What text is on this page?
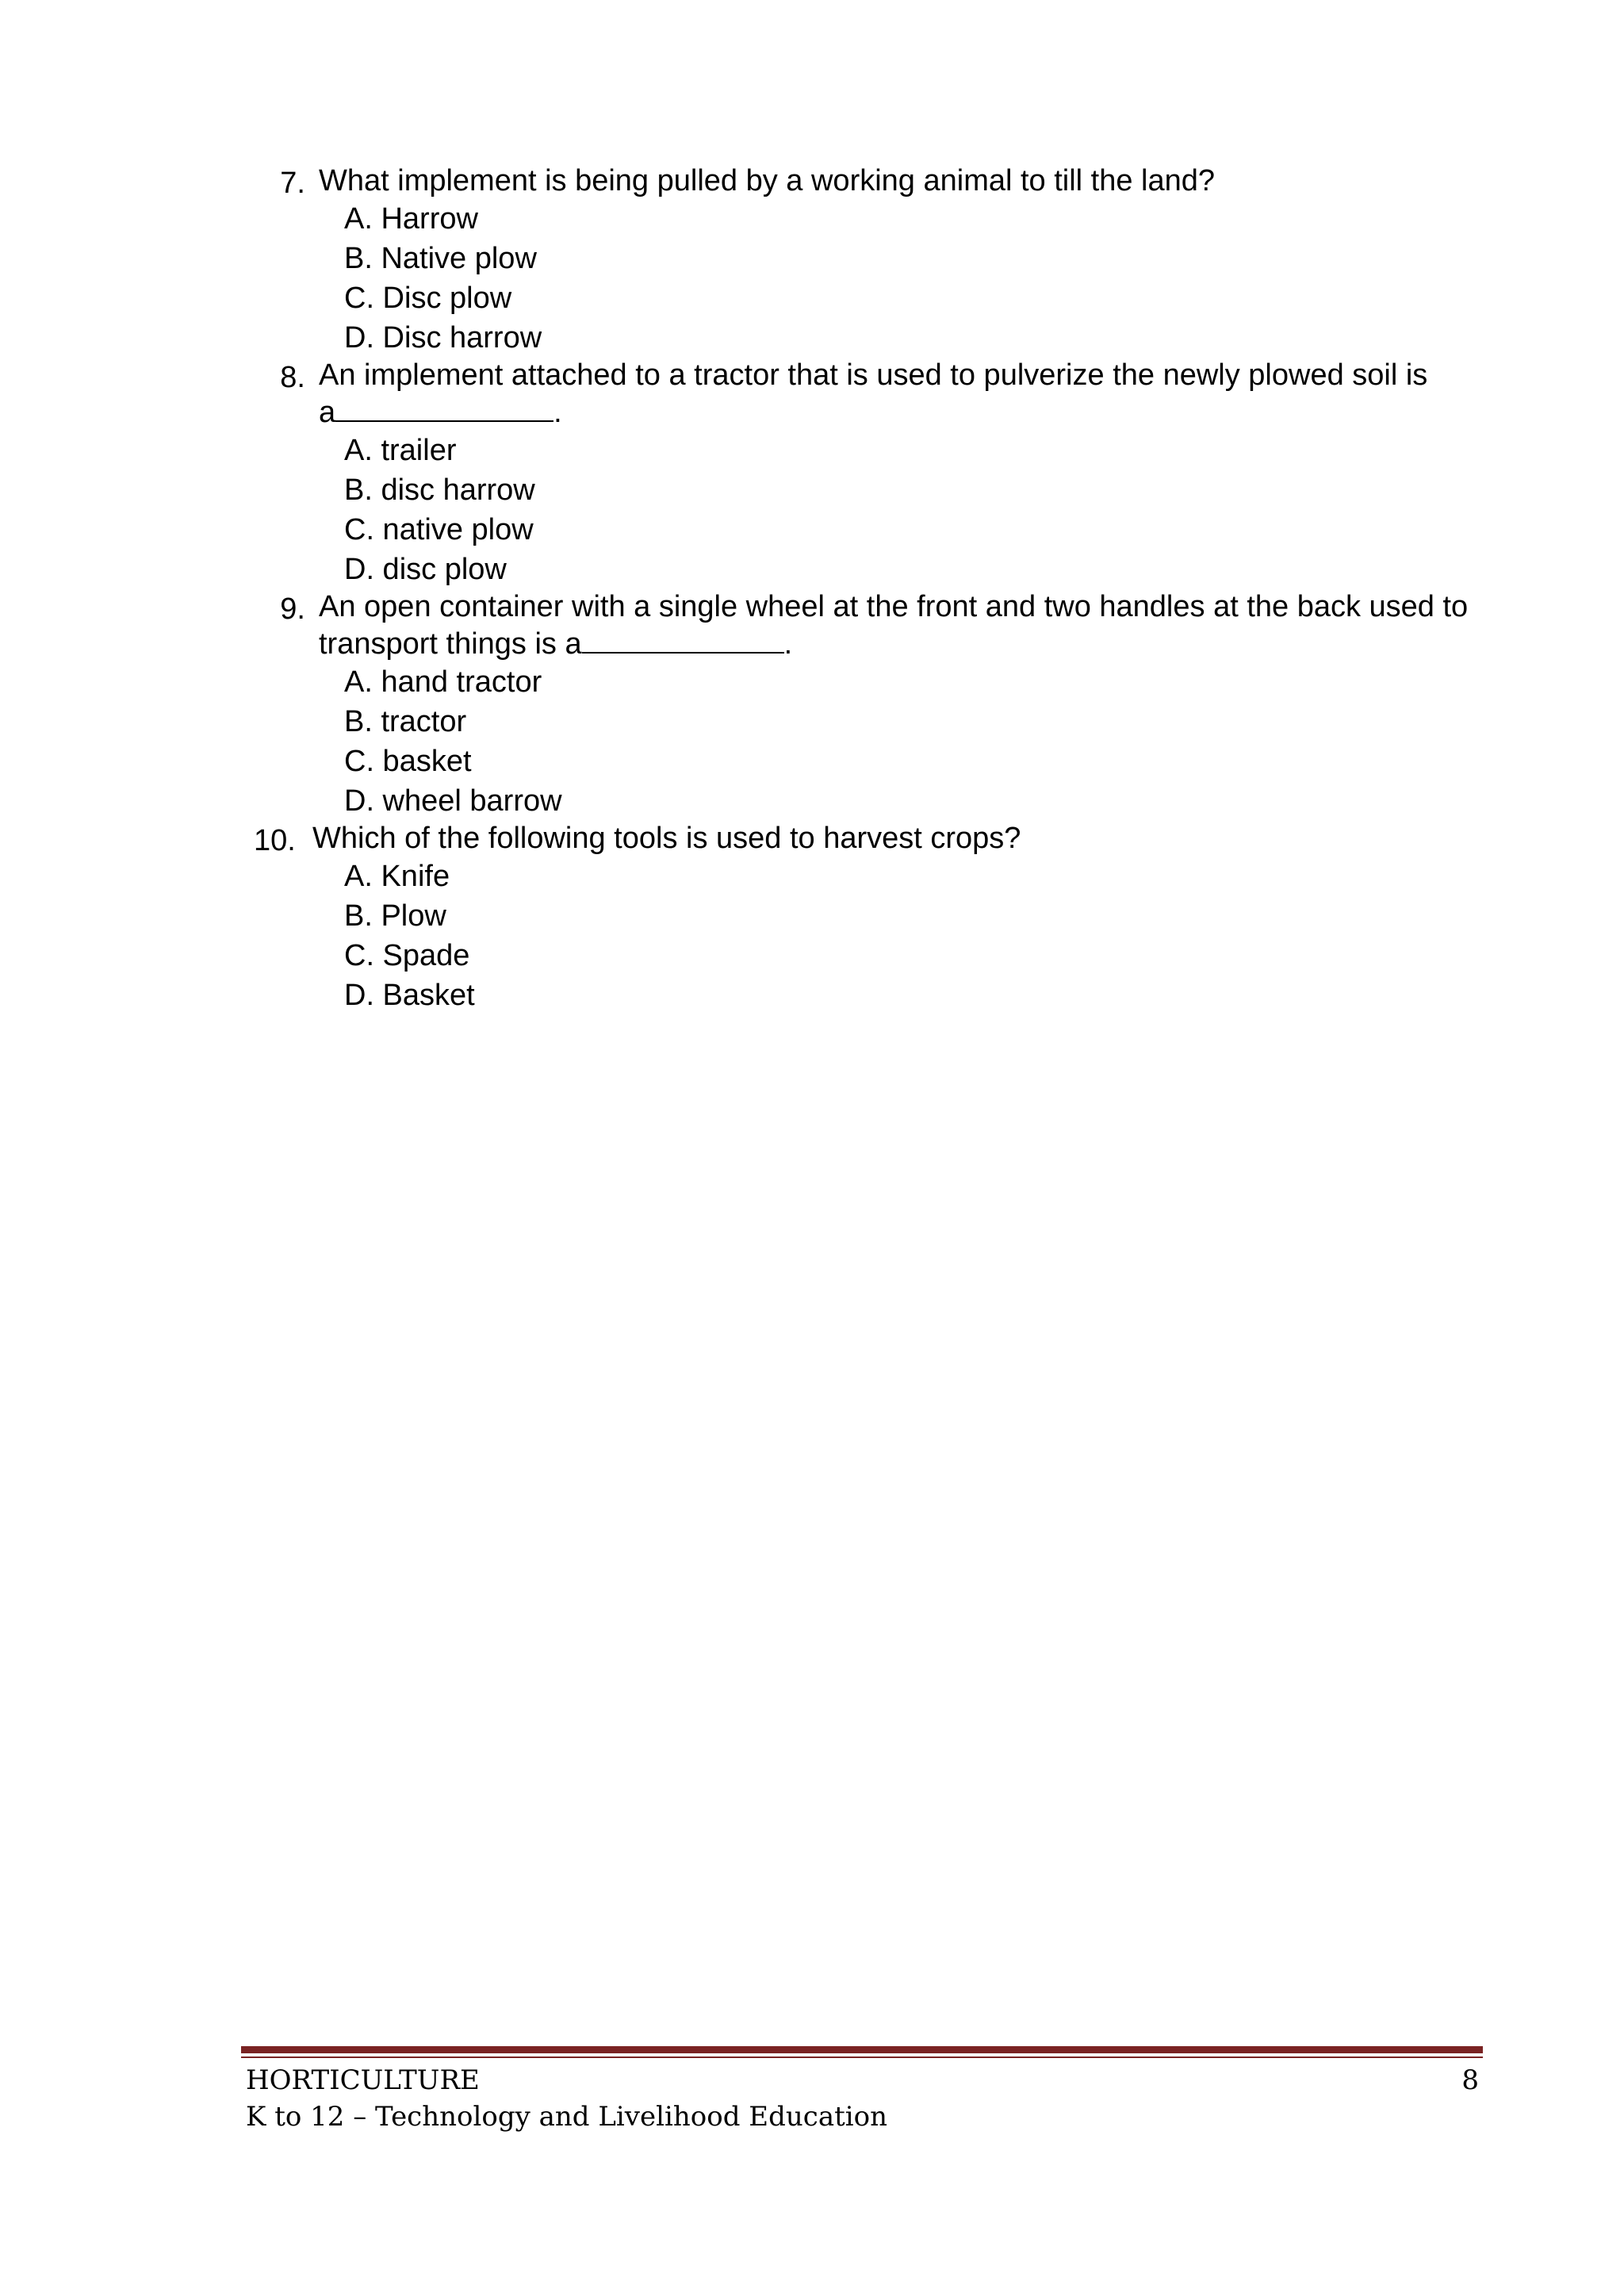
7. What implement is being pulled by a working animal to till the land?
A. Harrow
B. Native plow
C. Disc plow
D. Disc harrow
8. An implement attached to a tractor that is used to pulverize the newly plowed soil is
a	.
A. trailer
B. disc harrow
C. native plow
D. disc plow
9. An open container with a single wheel at the front and two handles at the back used to
transport things is a	.
A. hand tractor
B. tractor
C. basket
D. wheel barrow
10. Which of the following tools is used to harvest crops?
A. Knife
B. Plow
C. Spade
D. Basket
HORTICULTURE	8
K to 12 – Technology and Livelihood Education
